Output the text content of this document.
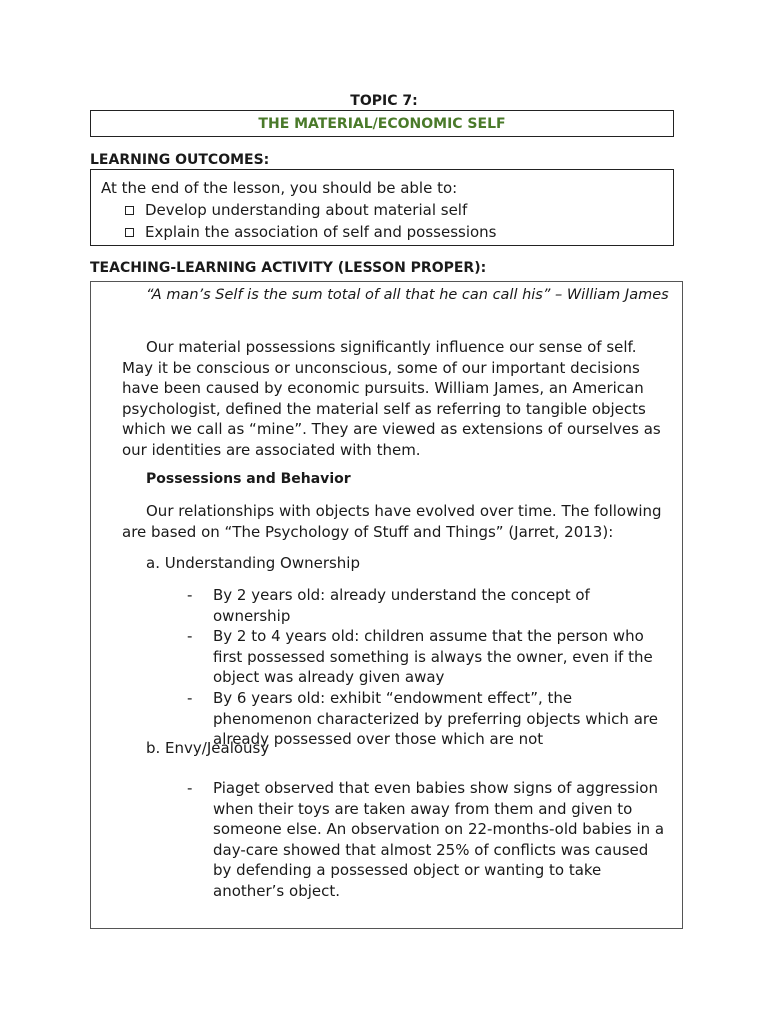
TOPIC 7:
THE MATERIAL/ECONOMIC SELF
LEARNING OUTCOMES:
At the end of the lesson, you should be able to:
Develop understanding about material self
Explain the association of self and possessions
TEACHING-LEARNING ACTIVITY (LESSON PROPER):
“A man’s Self is the sum total of all that he can call his” – William James
Our material possessions significantly influence our sense of self. May it be conscious or unconscious, some of our important decisions have been caused by economic pursuits. William James, an American psychologist, defined the material self as referring to tangible objects which we call as “mine”. They are viewed as extensions of ourselves as our identities are associated with them.
Possessions and Behavior
Our relationships with objects have evolved over time. The following are based on “The Psychology of Stuff and Things” (Jarret, 2013):
a. Understanding Ownership
-	By 2 years old: already understand the concept of ownership
-	By 2 to 4 years old: children assume that the person who first possessed something is always the owner, even if the object was already given away
-	By 6 years old: exhibit “endowment effect”, the phenomenon characterized by preferring objects which are already possessed over those which are not
b. Envy/Jealousy
-	Piaget observed that even babies show signs of aggression when their toys are taken away from them and given to someone else. An observation on 22-months-old babies in a day-care showed that almost 25% of conflicts was caused by defending a possessed object or wanting to take another’s object.
